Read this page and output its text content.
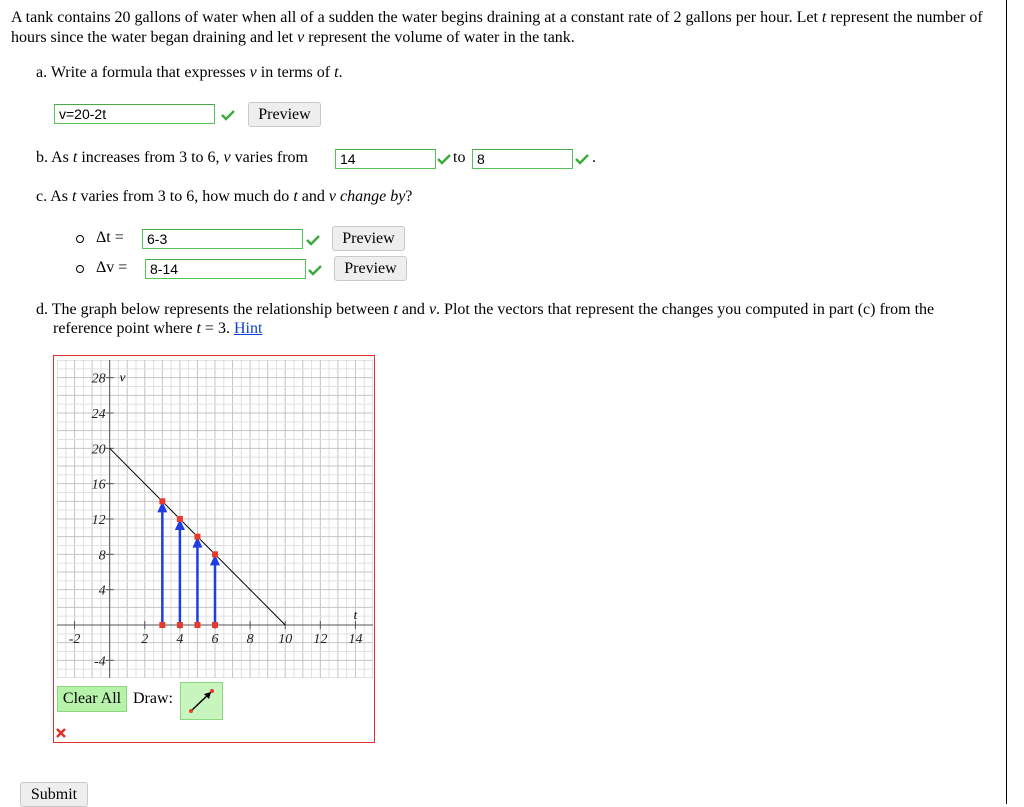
A tank contains 20 gallons of water when all of a sudden the water begins draining at a constant rate of 2 gallons per hour. Let t represent the number of hours since the water began draining and let v represent the volume of water in the tank.
a. Write a formula that expresses v in terms of t.
v=20-2t	Preview
b. As t increases from 3 to 6, v varies from	14	to 8	.
c. As t varies from 3 to 6, how much do t and v change by?
Δt =	6-3	Preview
Δv =	8-14	Preview
d. The graph below represents the relationship between t and v. Plot the vectors that represent the changes you computed in part (c) from the
reference point where t = 3. Hint
-2	2 4 6 8 10 12 14
28
24
20
16
12
8
4
-4
t
v
Clear All Draw:
Submit
